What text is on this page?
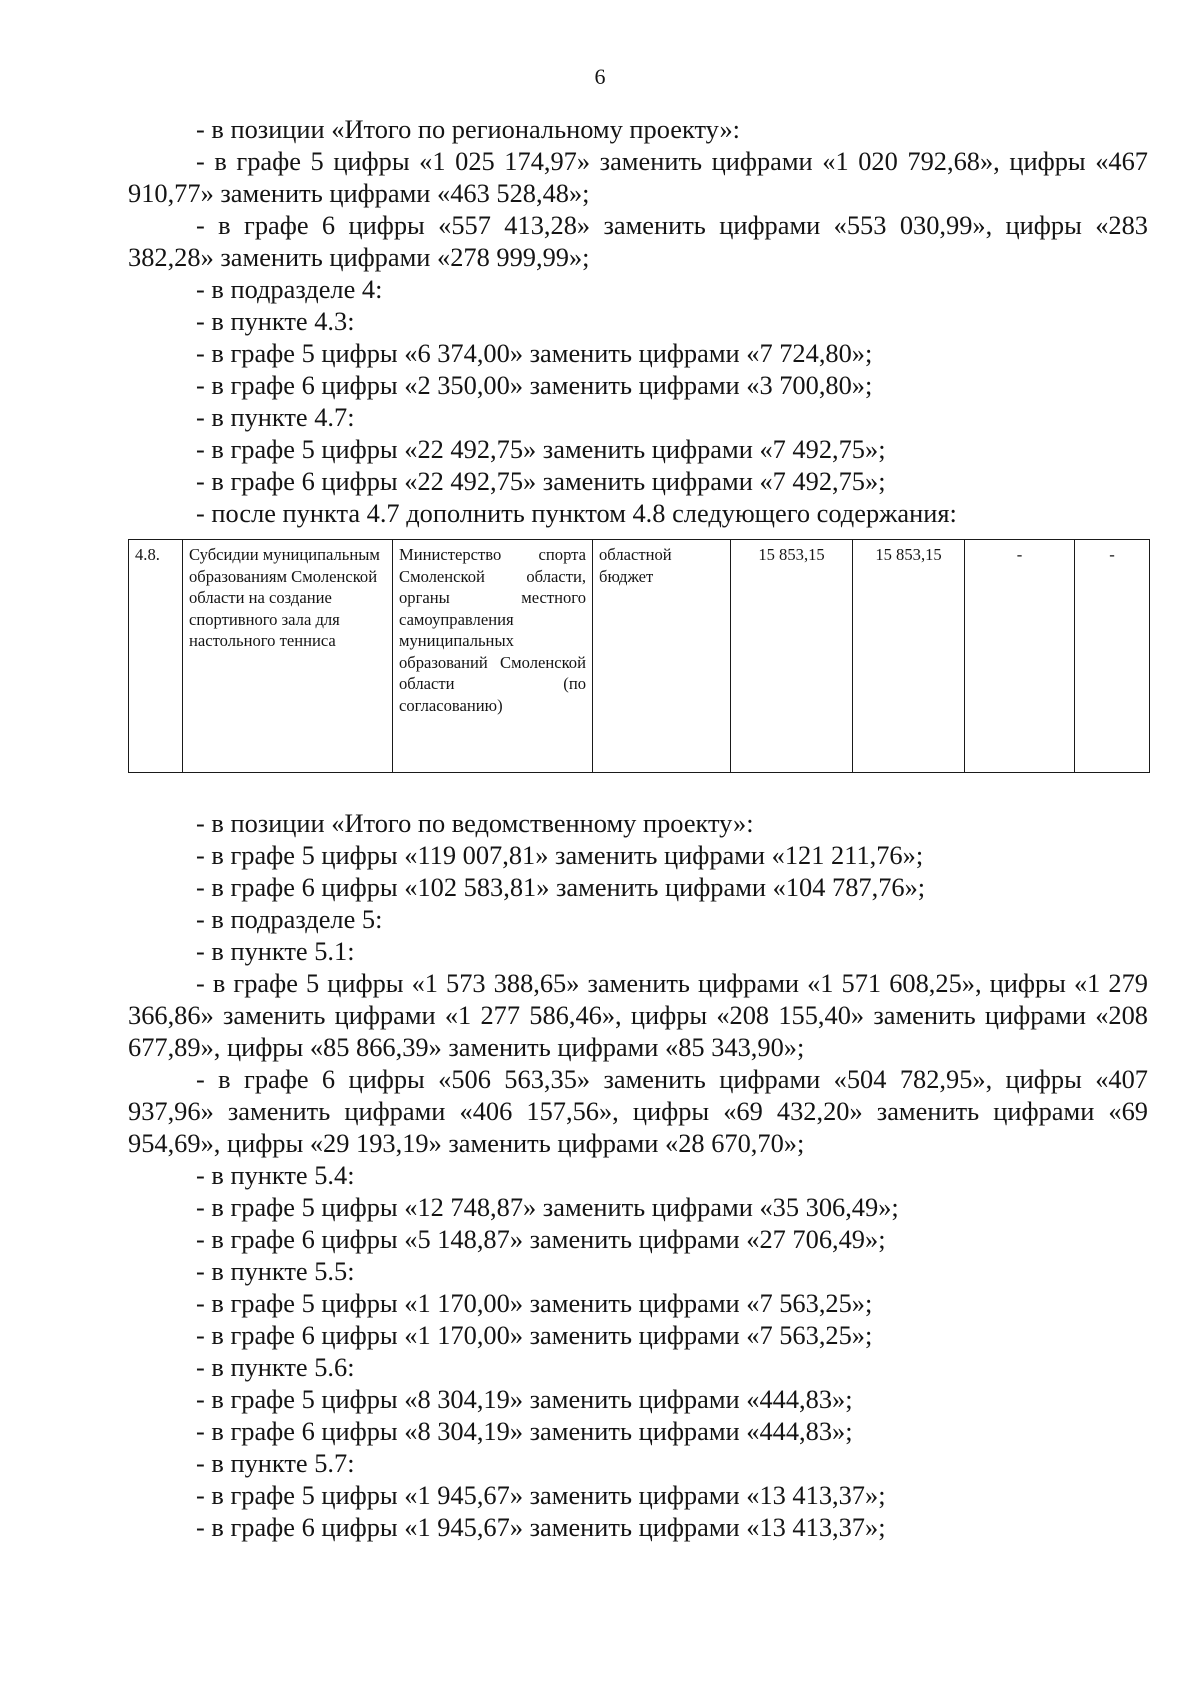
6

- в позиции «Итого по региональному проекту»:

- в графе 5 цифры «1 025 174,97» заменить цифрами «1 020 792,68», цифры «467 910,77» заменить цифрами «463 528,48»;

- в графе 6 цифры «557 413,28» заменить цифрами «553 030,99», цифры «283 382,28» заменить цифрами «278 999,99»;

- в подразделе 4:

- в пункте 4.3:

- в графе 5 цифры «6 374,00» заменить цифрами «7 724,80»;

- в графе 6 цифры «2 350,00» заменить цифрами «3 700,80»;

- в пункте 4.7:

- в графе 5 цифры «22 492,75» заменить цифрами «7 492,75»;

- в графе 6 цифры «22 492,75» заменить цифрами «7 492,75»;

- после пункта 4.7 дополнить пунктом 4.8 следующего содержания:

4.8.	Субсидии муниципальным образованиям Смоленской области на создание спортивного зала для настольного тенниса	Министерство спорта Смоленской области, органы местного самоуправления муниципальных образований Смоленской области (по согласованию)	областной бюджет	15 853,15	15 853,15	-	-

- в позиции «Итого по ведомственному проекту»:

- в графе 5 цифры «119 007,81» заменить цифрами «121 211,76»;

- в графе 6 цифры «102 583,81» заменить цифрами «104 787,76»;

- в подразделе 5:

- в пункте 5.1:

- в графе 5 цифры «1 573 388,65» заменить цифрами «1 571 608,25», цифры «1 279 366,86» заменить цифрами «1 277 586,46», цифры «208 155,40» заменить цифрами «208 677,89», цифры «85 866,39» заменить цифрами «85 343,90»;

- в графе 6 цифры «506 563,35» заменить цифрами «504 782,95», цифры «407 937,96» заменить цифрами «406 157,56», цифры «69 432,20» заменить цифрами «69 954,69», цифры «29 193,19» заменить цифрами «28 670,70»;

- в пункте 5.4:

- в графе 5 цифры «12 748,87» заменить цифрами «35 306,49»;

- в графе 6 цифры «5 148,87» заменить цифрами «27 706,49»;

- в пункте 5.5:

- в графе 5 цифры «1 170,00» заменить цифрами «7 563,25»;

- в графе 6 цифры «1 170,00» заменить цифрами «7 563,25»;

- в пункте 5.6:

- в графе 5 цифры «8 304,19» заменить цифрами «444,83»;

- в графе 6 цифры «8 304,19» заменить цифрами «444,83»;

- в пункте 5.7:

- в графе 5 цифры «1 945,67» заменить цифрами «13 413,37»;

- в графе 6 цифры «1 945,67» заменить цифрами «13 413,37»;
